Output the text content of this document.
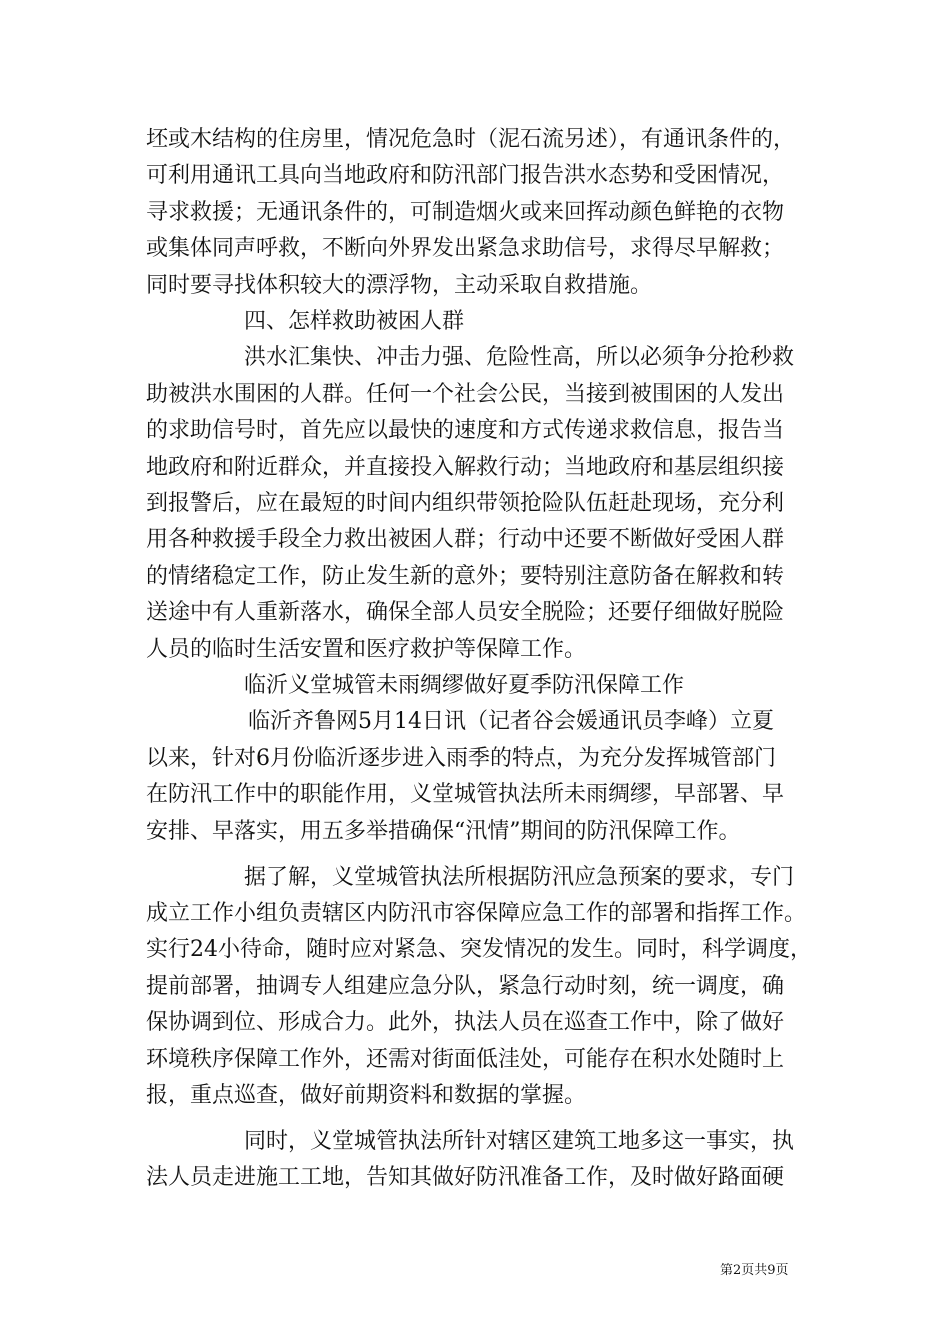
坯或木结构的住房里，情况危急时（泥石流另述），有通讯条件的，
可利用通讯工具向当地政府和防汛部门报告洪水态势和受困情况，
寻求救援；无通讯条件的，可制造烟火或来回挥动颜色鲜艳的衣物
或集体同声呼救，不断向外界发出紧急求助信号，求得尽早解救；
同时要寻找体积较大的漂浮物，主动采取自救措施。
四、怎样救助被困人群
洪水汇集快、冲击力强、危险性高，所以必须争分抢秒救
助被洪水围困的人群。任何一个社会公民，当接到被围困的人发出
的求助信号时，首先应以最快的速度和方式传递求救信息，报告当
地政府和附近群众，并直接投入解救行动；当地政府和基层组织接
到报警后，应在最短的时间内组织带领抢险队伍赶赴现场，充分利
用各种救援手段全力救出被困人群；行动中还要不断做好受困人群
的情绪稳定工作，防止发生新的意外；要特别注意防备在解救和转
送途中有人重新落水，确保全部人员安全脱险；还要仔细做好脱险
人员的临时生活安置和医疗救护等保障工作。
临沂义堂城管未雨绸缪做好夏季防汛保障工作
临沂齐鲁网5月14日讯（记者谷会媛通讯员李峰）立夏
以来，针对6月份临沂逐步进入雨季的特点，为充分发挥城管部门
在防汛工作中的职能作用，义堂城管执法所未雨绸缪，早部署、早
安排、早落实，用五多举措确保“汛情”期间的防汛保障工作。
据了解，义堂城管执法所根据防汛应急预案的要求，专门
成立工作小组负责辖区内防汛市容保障应急工作的部署和指挥工作。
实行24小待命，随时应对紧急、突发情况的发生。同时，科学调度，
提前部署，抽调专人组建应急分队，紧急行动时刻，统一调度，确
保协调到位、形成合力。此外，执法人员在巡查工作中，除了做好
环境秩序保障工作外，还需对街面低洼处，可能存在积水处随时上
报，重点巡查，做好前期资料和数据的掌握。
同时，义堂城管执法所针对辖区建筑工地多这一事实，执
法人员走进施工工地，告知其做好防汛准备工作，及时做好路面硬
第2页共9页
